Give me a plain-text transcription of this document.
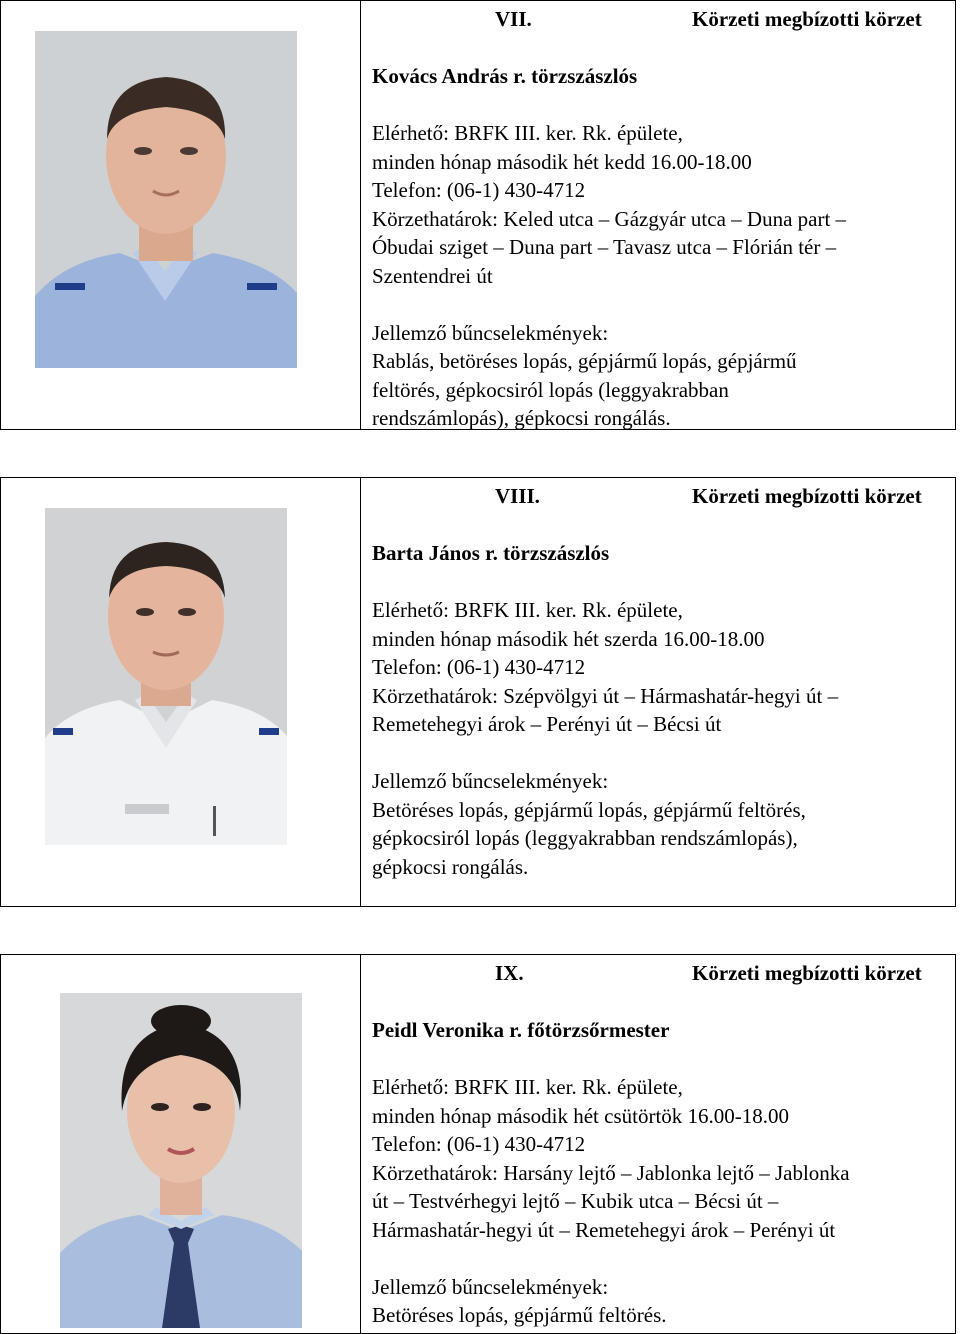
VII.	Körzeti megbízotti körzet

Kovács András r. törzszászlós

Elérhető: BRFK III. ker. Rk. épülete,

minden hónap második hét kedd 16.00-18.00

Telefon: (06-1) 430-4712

Körzethatárok: Keled utca – Gázgyár utca – Duna part –

Óbudai sziget – Duna part – Tavasz utca – Flórián tér –

Szentendrei út

Jellemző bűncselekmények:

Rablás, betöréses lopás, gépjármű lopás, gépjármű

feltörés, gépkocsiról lopás (leggyakrabban

rendszámlopás), gépkocsi rongálás.

VIII.	Körzeti megbízotti körzet

Barta János r. törzszászlós

Elérhető: BRFK III. ker. Rk. épülete,

minden hónap második hét szerda 16.00-18.00

Telefon: (06-1) 430-4712

Körzethatárok: Szépvölgyi út – Hármashatár-hegyi út –

Remetehegyi árok – Perényi út – Bécsi út

Jellemző bűncselekmények:

Betöréses lopás, gépjármű lopás, gépjármű feltörés,

gépkocsiról lopás (leggyakrabban rendszámlopás),

gépkocsi rongálás.

IX.	Körzeti megbízotti körzet

Peidl Veronika r. főtörzsőrmester

Elérhető: BRFK III. ker. Rk. épülete,

minden hónap második hét csütörtök 16.00-18.00

Telefon: (06-1) 430-4712

Körzethatárok: Harsány lejtő – Jablonka lejtő – Jablonka

út – Testvérhegyi lejtő – Kubik utca – Bécsi út –

Hármashatár-hegyi út – Remetehegyi árok – Perényi út

Jellemző bűncselekmények:

Betöréses lopás, gépjármű feltörés.
